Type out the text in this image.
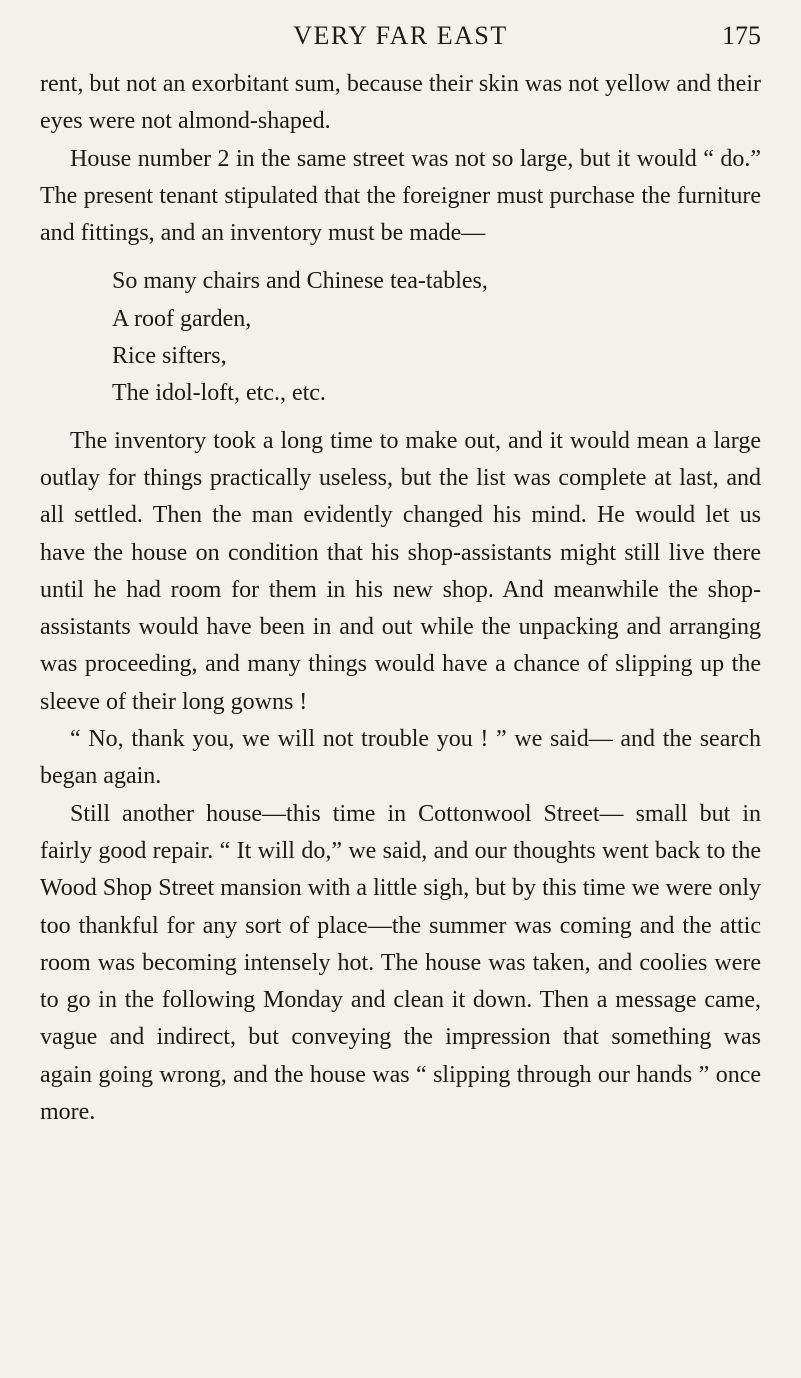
VERY FAR EAST	175

rent, but not an exorbitant sum, because their skin was not yellow and their eyes were not almond-shaped.

House number 2 in the same street was not so large, but it would “ do.” The present tenant stipulated that the foreigner must purchase the furniture and fittings, and an inventory must be made—

So many chairs and Chinese tea-tables,
A roof garden,
Rice sifters,
The idol-loft, etc., etc.

The inventory took a long time to make out, and it would mean a large outlay for things practically useless, but the list was complete at last, and all settled. Then the man evidently changed his mind. He would let us have the house on condition that his shop-assistants might still live there until he had room for them in his new shop. And meanwhile the shop-assistants would have been in and out while the unpacking and arranging was proceeding, and many things would have a chance of slipping up the sleeve of their long gowns !

“ No, thank you, we will not trouble you ! ” we said— and the search began again.

Still another house—this time in Cottonwool Street— small but in fairly good repair. “ It will do,” we said, and our thoughts went back to the Wood Shop Street mansion with a little sigh, but by this time we were only too thankful for any sort of place—the summer was coming and the attic room was becoming intensely hot. The house was taken, and coolies were to go in the following Monday and clean it down. Then a message came, vague and indirect, but conveying the impression that something was again going wrong, and the house was “ slipping through our hands ” once more.
